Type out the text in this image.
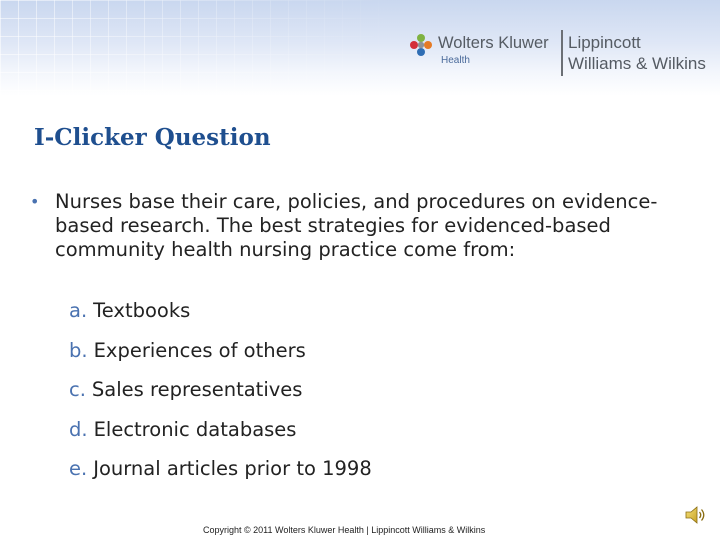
Wolters Kluwer
Health
Lippincott
Williams & Wilkins
I-Clicker Question
• Nurses base their care, policies, and procedures on evidence-based research. The best strategies for evidenced-based community health nursing practice come from:
a. Textbooks
b. Experiences of others
c. Sales representatives
d. Electronic databases
e. Journal articles prior to 1998
Copyright © 2011 Wolters Kluwer Health | Lippincott Williams & Wilkins
